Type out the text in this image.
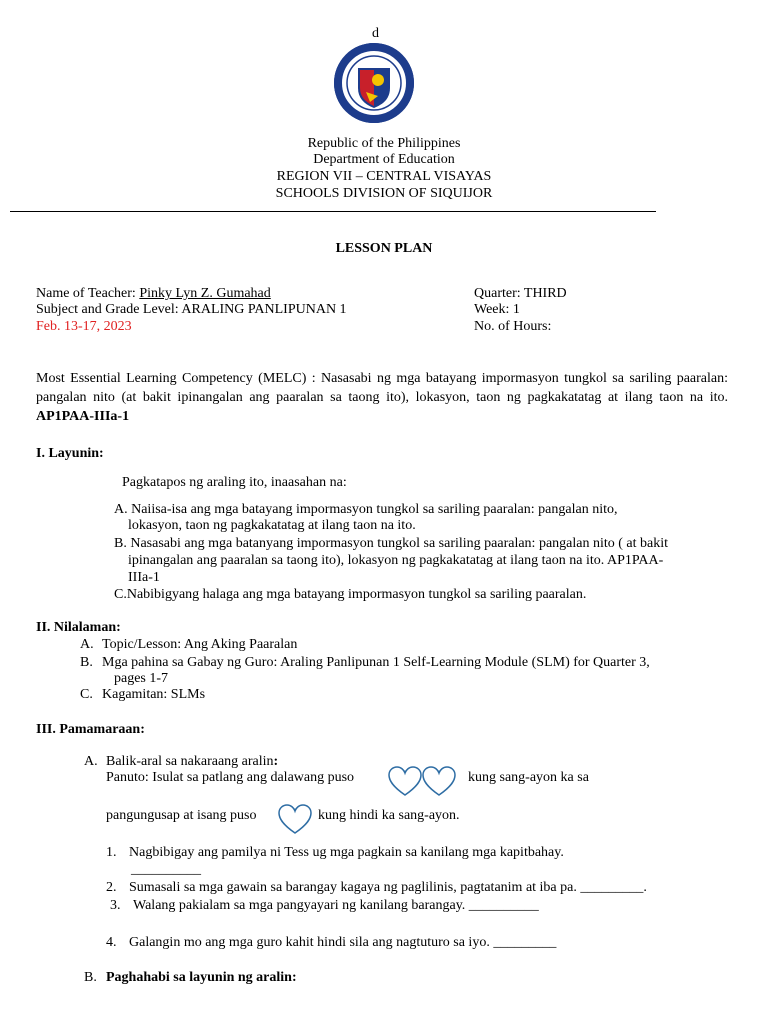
d
Republic of the Philippines
Department of Education
REGION VII – CENTRAL VISAYAS
SCHOOLS DIVISION OF SIQUIJOR
LESSON PLAN
Name of Teacher: Pinky Lyn Z. Gumahad
Subject and Grade Level: ARALING PANLIPUNAN 1
Feb. 13-17, 2023
Quarter: THIRD
Week: 1
No. of Hours:
Most Essential Learning Competency (MELC) : Nasasabi ng mga batayang impormasyon tungkol sa sariling paaralan: pangalan nito (at bakit ipinangalan ang paaralan sa taong ito), lokasyon, taon ng pagkakatatag at ilang taon na ito. AP1PAA-IIIa-1
I. Layunin:
Pagkatapos ng araling ito, inaasahan na:
A. Naiisa-isa ang mga batayang impormasyon tungkol sa sariling paaralan: pangalan nito,
lokasyon, taon ng pagkakatatag at ilang taon na ito.
B. Nasasabi ang mga batanyang impormasyon tungkol sa sariling paaralan: pangalan nito ( at bakit
ipinangalan ang paaralan sa taong ito), lokasyon ng pagkakatatag at ilang taon na ito. AP1PAA-
IIIa-1
C.Nabibigyang halaga ang mga batayang impormasyon tungkol sa sariling paaralan.
II. Nilalaman:
A. Topic/Lesson: Ang Aking Paaralan
B. Mga pahina sa Gabay ng Guro: Araling Panlipunan 1 Self-Learning Module (SLM) for Quarter 3,
pages 1-7
C. Kagamitan: SLMs
III. Pamamaraan:
A. Balik-aral sa nakaraang aralin:
Panuto: Isulat sa patlang ang dalawang puso	kung sang-ayon ka sa
pangungusap at isang puso	kung hindi ka sang-ayon.
1. Nagbibigay ang pamilya ni Tess ug mga pagkain sa kanilang mga kapitbahay.
__________
2. Sumasali sa mga gawain sa barangay kagaya ng paglilinis, pagtatanim at iba pa. _________.
3. Walang pakialam sa mga pangyayari ng kanilang barangay. __________
4. Galangin mo ang mga guro kahit hindi sila ang nagtuturo sa iyo. _________
B. Paghahabi sa layunin ng aralin:
